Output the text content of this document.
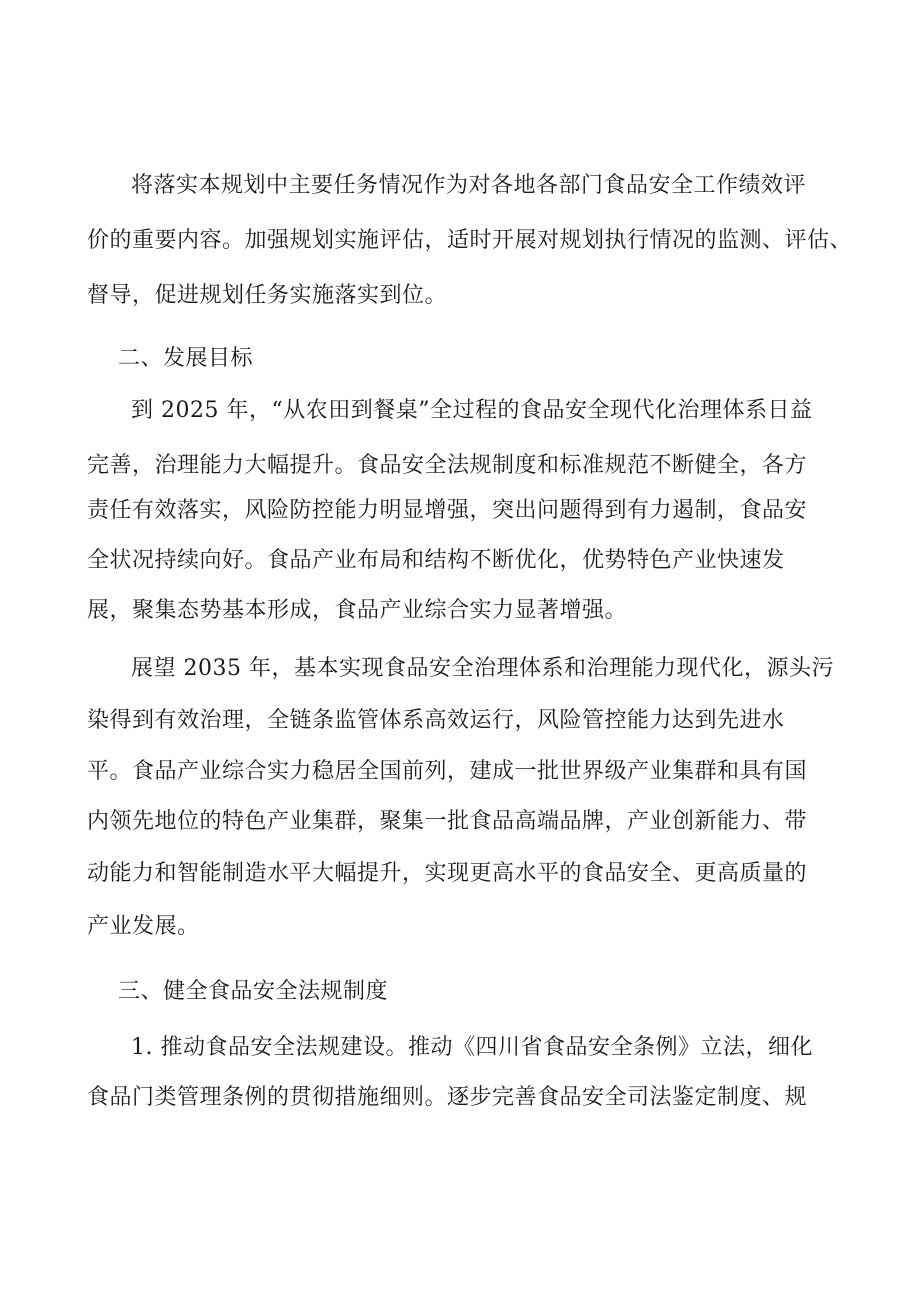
将落实本规划中主要任务情况作为对各地各部门食品安全工作绩效评
价的重要内容。加强规划实施评估，适时开展对规划执行情况的监测、评估、
督导，促进规划任务实施落实到位。
二、发展目标
到 2025 年，“从农田到餐桌”全过程的食品安全现代化治理体系日益
完善，治理能力大幅提升。食品安全法规制度和标准规范不断健全，各方
责任有效落实，风险防控能力明显增强，突出问题得到有力遏制，食品安
全状况持续向好。食品产业布局和结构不断优化，优势特色产业快速发
展，聚集态势基本形成，食品产业综合实力显著增强。
展望 2035 年，基本实现食品安全治理体系和治理能力现代化，源头污
染得到有效治理，全链条监管体系高效运行，风险管控能力达到先进水
平。食品产业综合实力稳居全国前列，建成一批世界级产业集群和具有国
内领先地位的特色产业集群，聚集一批食品高端品牌，产业创新能力、带
动能力和智能制造水平大幅提升，实现更高水平的食品安全、更高质量的
产业发展。
三、健全食品安全法规制度
1. 推动食品安全法规建设。推动《四川省食品安全条例》立法，细化
食品门类管理条例的贯彻措施细则。逐步完善食品安全司法鉴定制度、规
